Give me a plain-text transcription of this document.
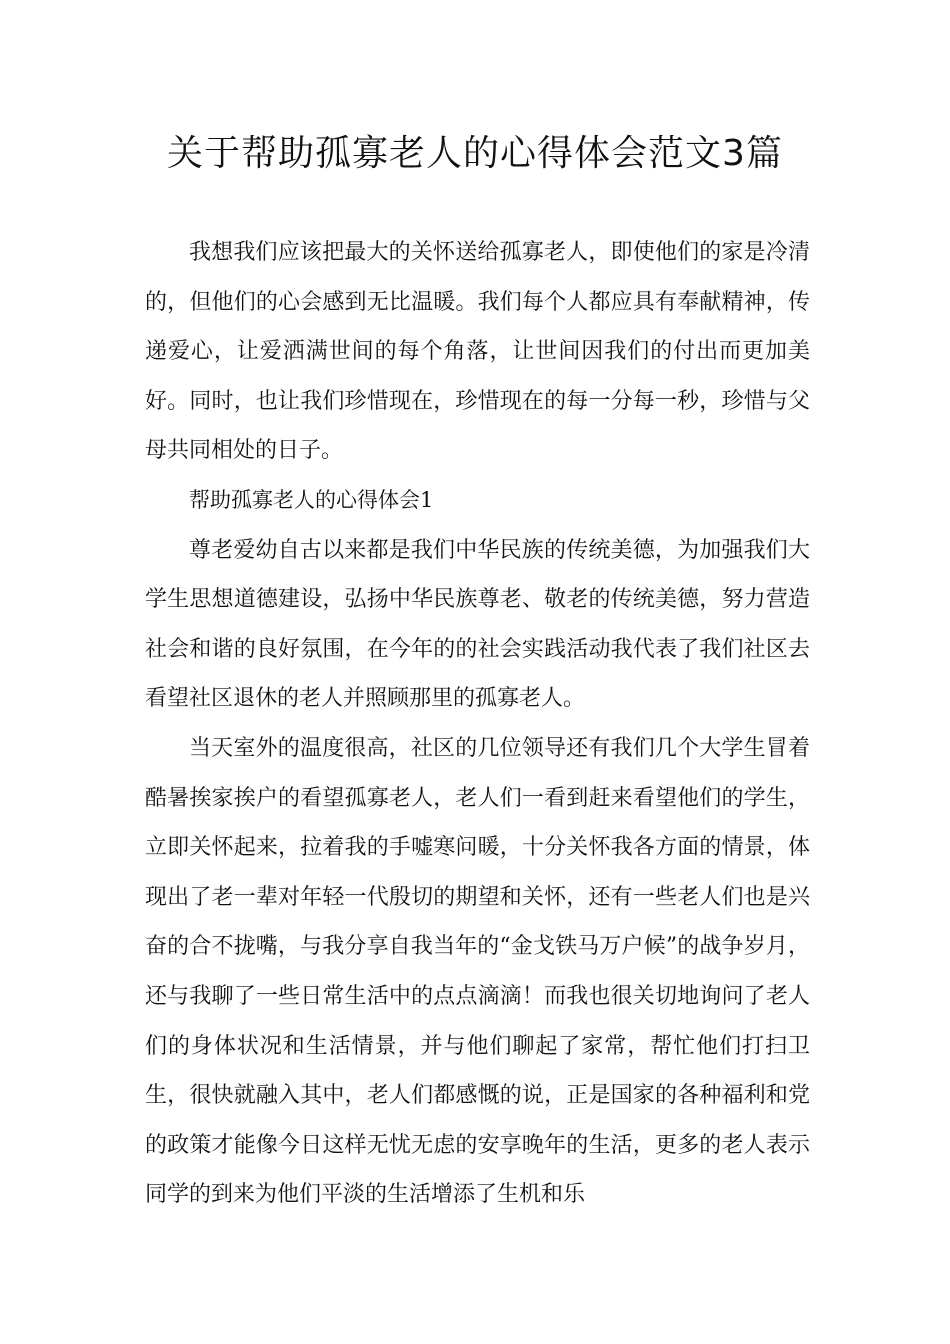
关于帮助孤寡老人的心得体会范文3篇

我想我们应该把最大的关怀送给孤寡老人，即使他们的家是冷清的，但他们的心会感到无比温暖。我们每个人都应具有奉献精神，传递爱心，让爱洒满世间的每个角落，让世间因我们的付出而更加美好。同时，也让我们珍惜现在，珍惜现在的每一分每一秒，珍惜与父母共同相处的日子。

帮助孤寡老人的心得体会1

尊老爱幼自古以来都是我们中华民族的传统美德，为加强我们大学生思想道德建设，弘扬中华民族尊老、敬老的传统美德，努力营造社会和谐的良好氛围，在今年的的社会实践活动我代表了我们社区去看望社区退休的老人并照顾那里的孤寡老人。

当天室外的温度很高，社区的几位领导还有我们几个大学生冒着酷暑挨家挨户的看望孤寡老人，老人们一看到赶来看望他们的学生，立即关怀起来，拉着我的手嘘寒问暖，十分关怀我各方面的情景，体现出了老一辈对年轻一代殷切的期望和关怀，还有一些老人们也是兴奋的合不拢嘴，与我分享自我当年的“金戈铁马万户候”的战争岁月，还与我聊了一些日常生活中的点点滴滴！而我也很关切地询问了老人们的身体状况和生活情景，并与他们聊起了家常，帮忙他们打扫卫生，很快就融入其中，老人们都感慨的说，正是国家的各种福利和党的政策才能像今日这样无忧无虑的安享晚年的生活，更多的老人表示同学的到来为他们平淡的生活增添了生机和乐
